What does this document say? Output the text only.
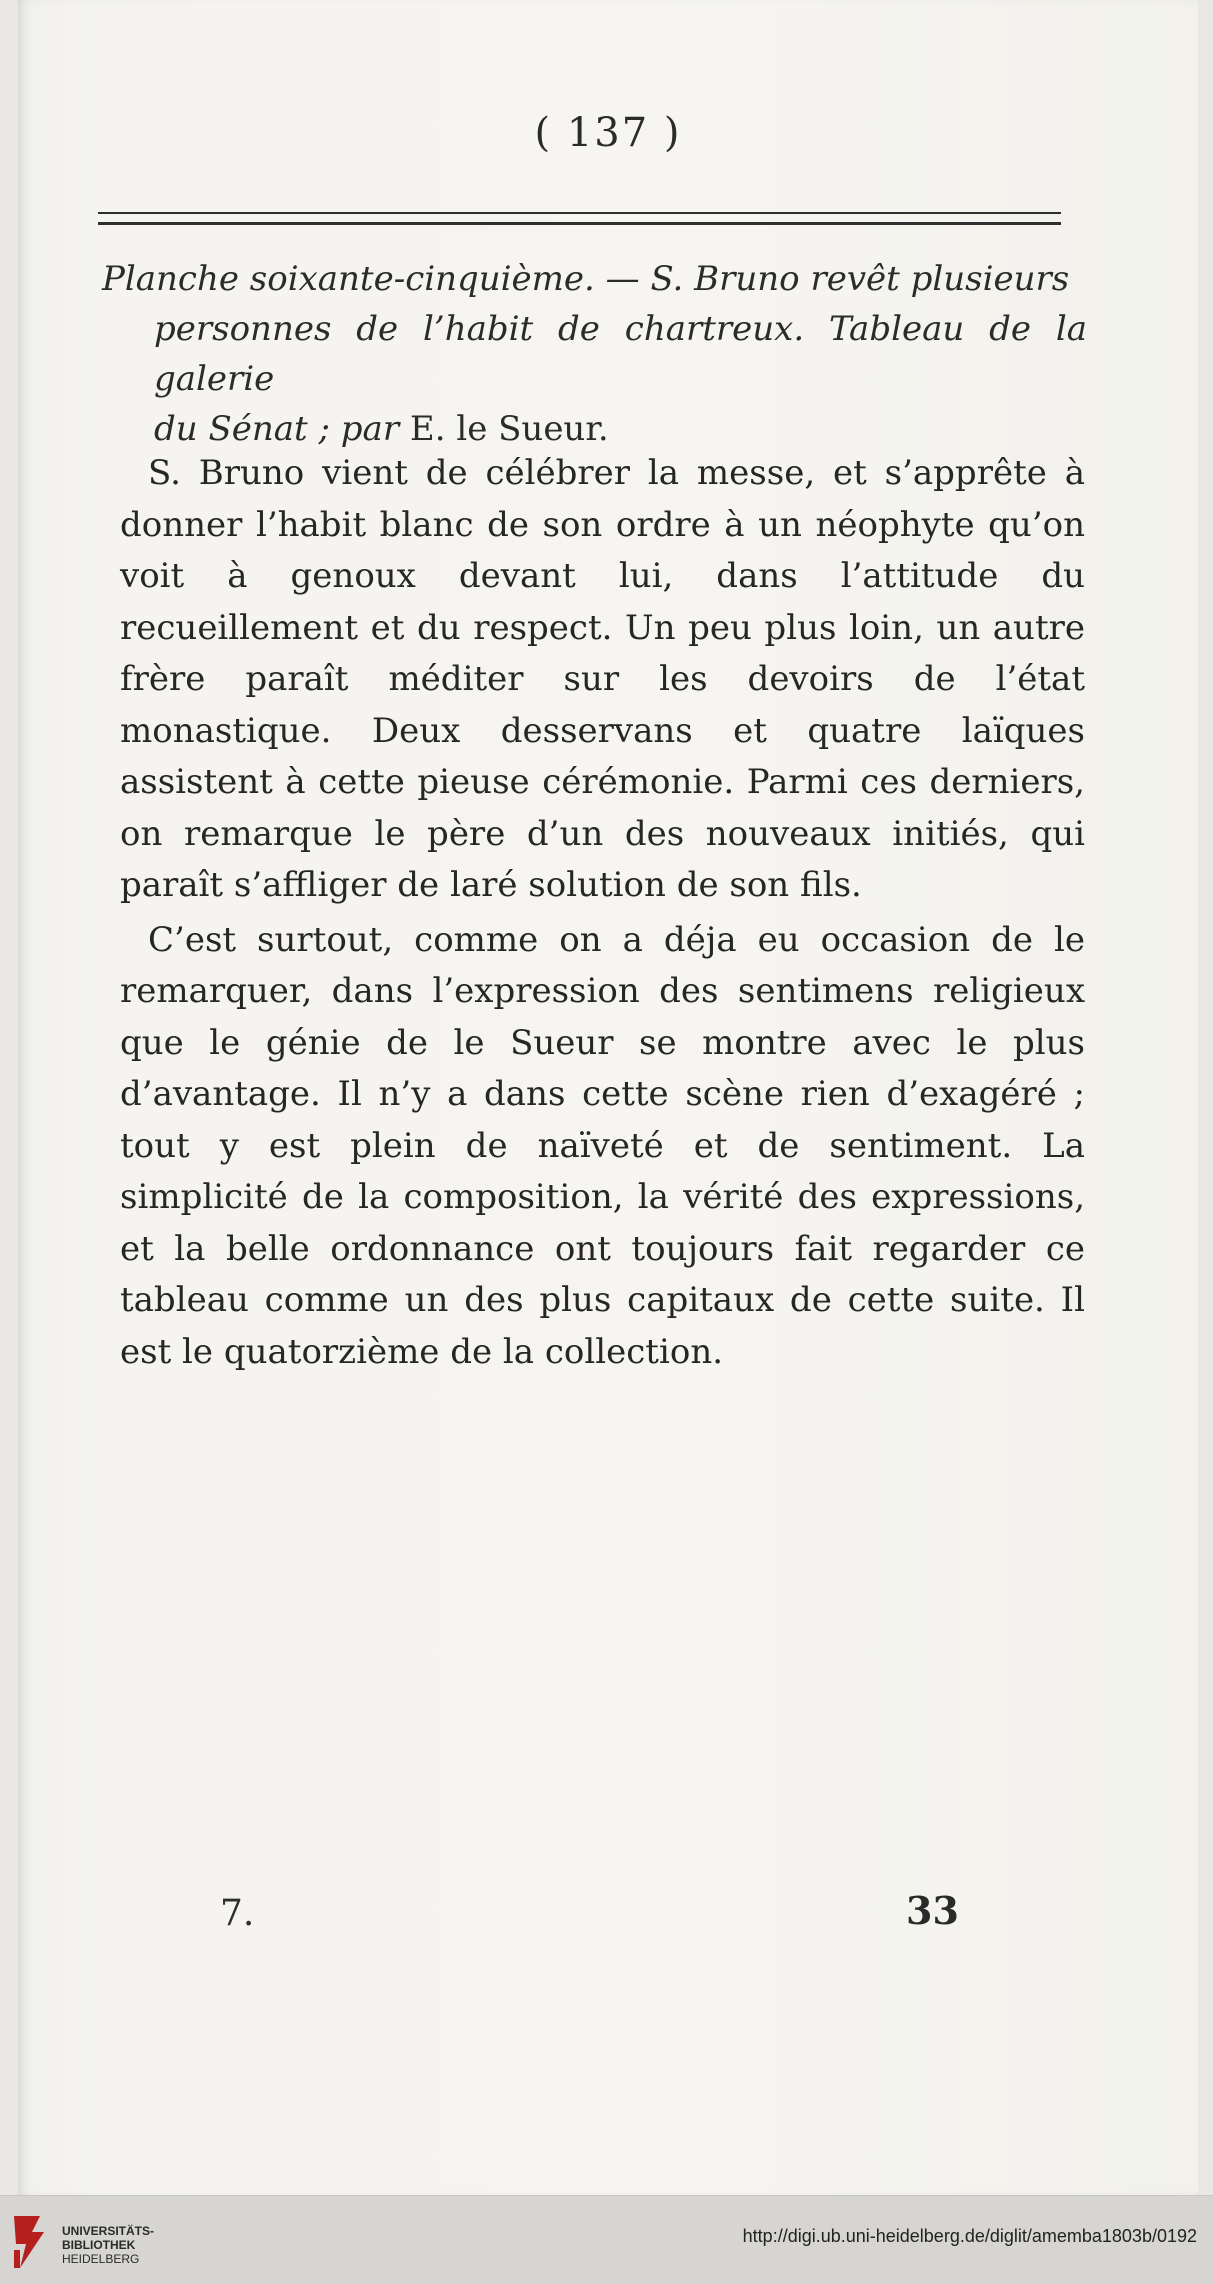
( 137 )
Planche soixante-cinquième. — S. Bruno revêt plusieurs
personnes de l’habit de chartreux. Tableau de la galerie
du Sénat ; par E. le Sueur.

S. Bruno vient de célébrer la messe, et s’apprête à donner l’habit blanc de son ordre à un néophyte qu’on voit à genoux devant lui, dans l’attitude du recueillement et du respect. Un peu plus loin, un autre frère paraît méditer sur les devoirs de l’état monastique. Deux desservans et quatre laïques assistent à cette pieuse cérémonie. Parmi ces derniers, on remarque le père d’un des nouveaux initiés, qui paraît s’affliger de laré solution de son fils.

C’est surtout, comme on a déja eu occasion de le remarquer, dans l’expression des sentimens religieux que le génie de le Sueur se montre avec le plus d’avantage. Il n’y a dans cette scène rien d’exagéré ; tout y est plein de naïveté et de sentiment. La simplicité de la composition, la vérité des expressions, et la belle ordonnance ont toujours fait regarder ce tableau comme un des plus capitaux de cette suite. Il est le quatorzième de la collection.

7.	33
UNIVERSITÄTS-
BIBLIOTHEK
HEIDELBERG
http://digi.ub.uni-heidelberg.de/diglit/amemba1803b/0192
